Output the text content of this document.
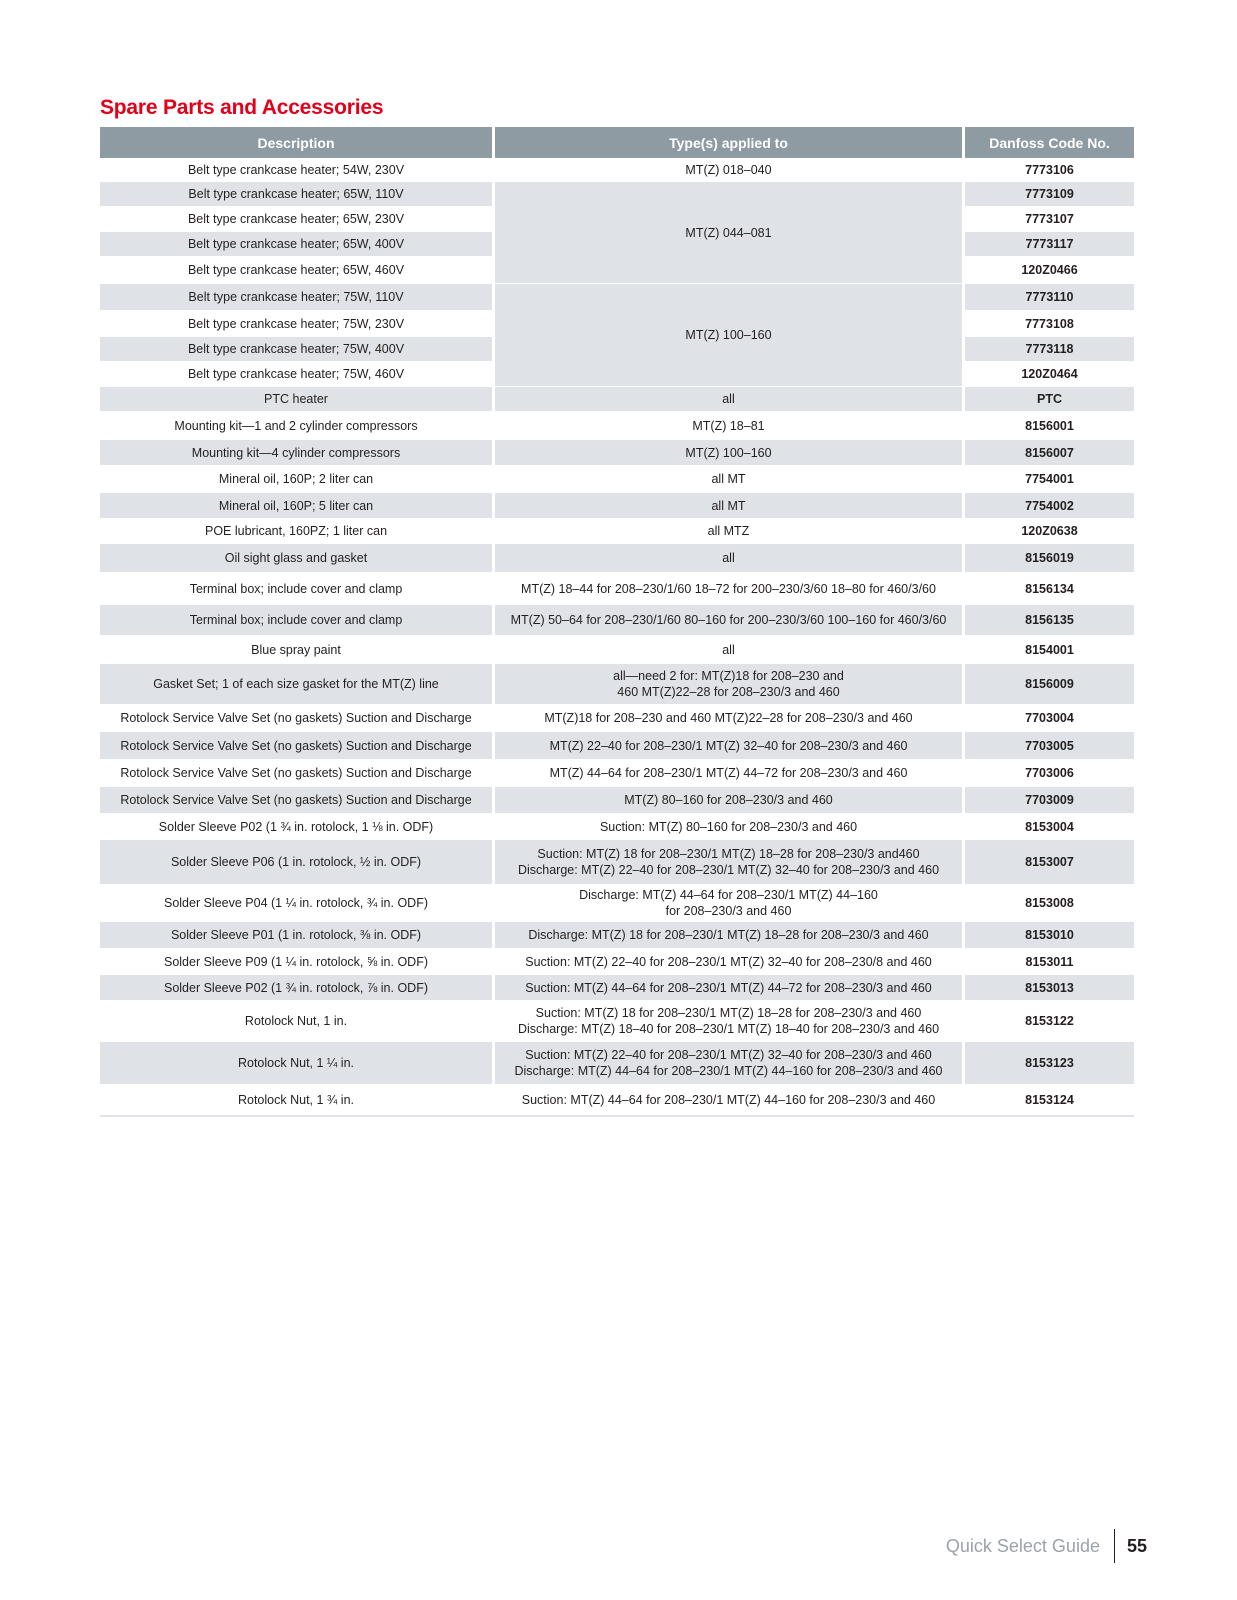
Spare Parts and Accessories
Description	Type(s) applied to	Danfoss Code No.
Belt type crankcase heater; 54W, 230V	MT(Z) 018–040	7773106
Belt type crankcase heater; 65W, 110V	MT(Z) 044–081	7773109
Belt type crankcase heater; 65W, 230V		7773107
Belt type crankcase heater; 65W, 400V		7773117
Belt type crankcase heater; 65W, 460V		120Z0466
Belt type crankcase heater; 75W, 110V	MT(Z) 100–160	7773110
Belt type crankcase heater; 75W, 230V		7773108
Belt type crankcase heater; 75W, 400V		7773118
Belt type crankcase heater; 75W, 460V		120Z0464
PTC heater	all	PTC
Mounting kit—1 and 2 cylinder compressors	MT(Z) 18–81	8156001
Mounting kit—4 cylinder compressors	MT(Z) 100–160	8156007
Mineral oil, 160P; 2 liter can	all MT	7754001
Mineral oil, 160P; 5 liter can	all MT	7754002
POE lubricant, 160PZ; 1 liter can	all MTZ	120Z0638
Oil sight glass and gasket	all	8156019
Terminal box; include cover and clamp	MT(Z) 18–44 for 208–230/1/60 18–72 for 200–230/3/60 18–80 for 460/3/60	8156134
Terminal box; include cover and clamp	MT(Z) 50–64 for 208–230/1/60 80–160 for 200–230/3/60 100–160 for 460/3/60	8156135
Blue spray paint	all	8154001
Gasket Set; 1 of each size gasket for the MT(Z) line	all—need 2 for: MT(Z)18 for 208–230 and
460 MT(Z)22–28 for 208–230/3 and 460	8156009
Rotolock Service Valve Set (no gaskets) Suction and Discharge	MT(Z)18 for 208–230 and 460 MT(Z)22–28 for 208–230/3 and 460	7703004
Rotolock Service Valve Set (no gaskets) Suction and Discharge	MT(Z) 22–40 for 208–230/1 MT(Z) 32–40 for 208–230/3 and 460	7703005
Rotolock Service Valve Set (no gaskets) Suction and Discharge	MT(Z) 44–64 for 208–230/1 MT(Z) 44–72 for 208–230/3 and 460	7703006
Rotolock Service Valve Set (no gaskets) Suction and Discharge	MT(Z) 80–160 for 208–230/3 and 460	7703009
Solder Sleeve P02 (1 ¾ in. rotolock, 1 ⅛ in. ODF)	Suction: MT(Z) 80–160 for 208–230/3 and 460	8153004
Solder Sleeve P06 (1 in. rotolock, ½ in. ODF)	Suction: MT(Z) 18 for 208–230/1 MT(Z) 18–28 for 208–230/3 and460
Discharge: MT(Z) 22–40 for 208–230/1 MT(Z) 32–40 for 208–230/3 and 460	8153007
Solder Sleeve P04 (1 ¼ in. rotolock, ¾ in. ODF)	Discharge: MT(Z) 44–64 for 208–230/1 MT(Z) 44–160
for 208–230/3 and 460	8153008
Solder Sleeve P01 (1 in. rotolock, ⅜ in. ODF)	Discharge: MT(Z) 18 for 208–230/1 MT(Z) 18–28 for 208–230/3 and 460	8153010
Solder Sleeve P09 (1 ¼ in. rotolock, ⅝ in. ODF)	Suction: MT(Z) 22–40 for 208–230/1 MT(Z) 32–40 for 208–230/8 and 460	8153011
Solder Sleeve P02 (1 ¾ in. rotolock, ⅞ in. ODF)	Suction: MT(Z) 44–64 for 208–230/1 MT(Z) 44–72 for 208–230/3 and 460	8153013
Rotolock Nut, 1 in.	Suction: MT(Z) 18 for 208–230/1 MT(Z) 18–28 for 208–230/3 and 460
Discharge: MT(Z) 18–40 for 208–230/1 MT(Z) 18–40 for 208–230/3 and 460	8153122
Rotolock Nut, 1 ¼ in.	Suction: MT(Z) 22–40 for 208–230/1 MT(Z) 32–40 for 208–230/3 and 460
Discharge: MT(Z) 44–64 for 208–230/1 MT(Z) 44–160 for 208–230/3 and 460	8153123
Rotolock Nut, 1 ¾ in.	Suction: MT(Z) 44–64 for 208–230/1 MT(Z) 44–160 for 208–230/3 and 460	8153124
Quick Select Guide	55
